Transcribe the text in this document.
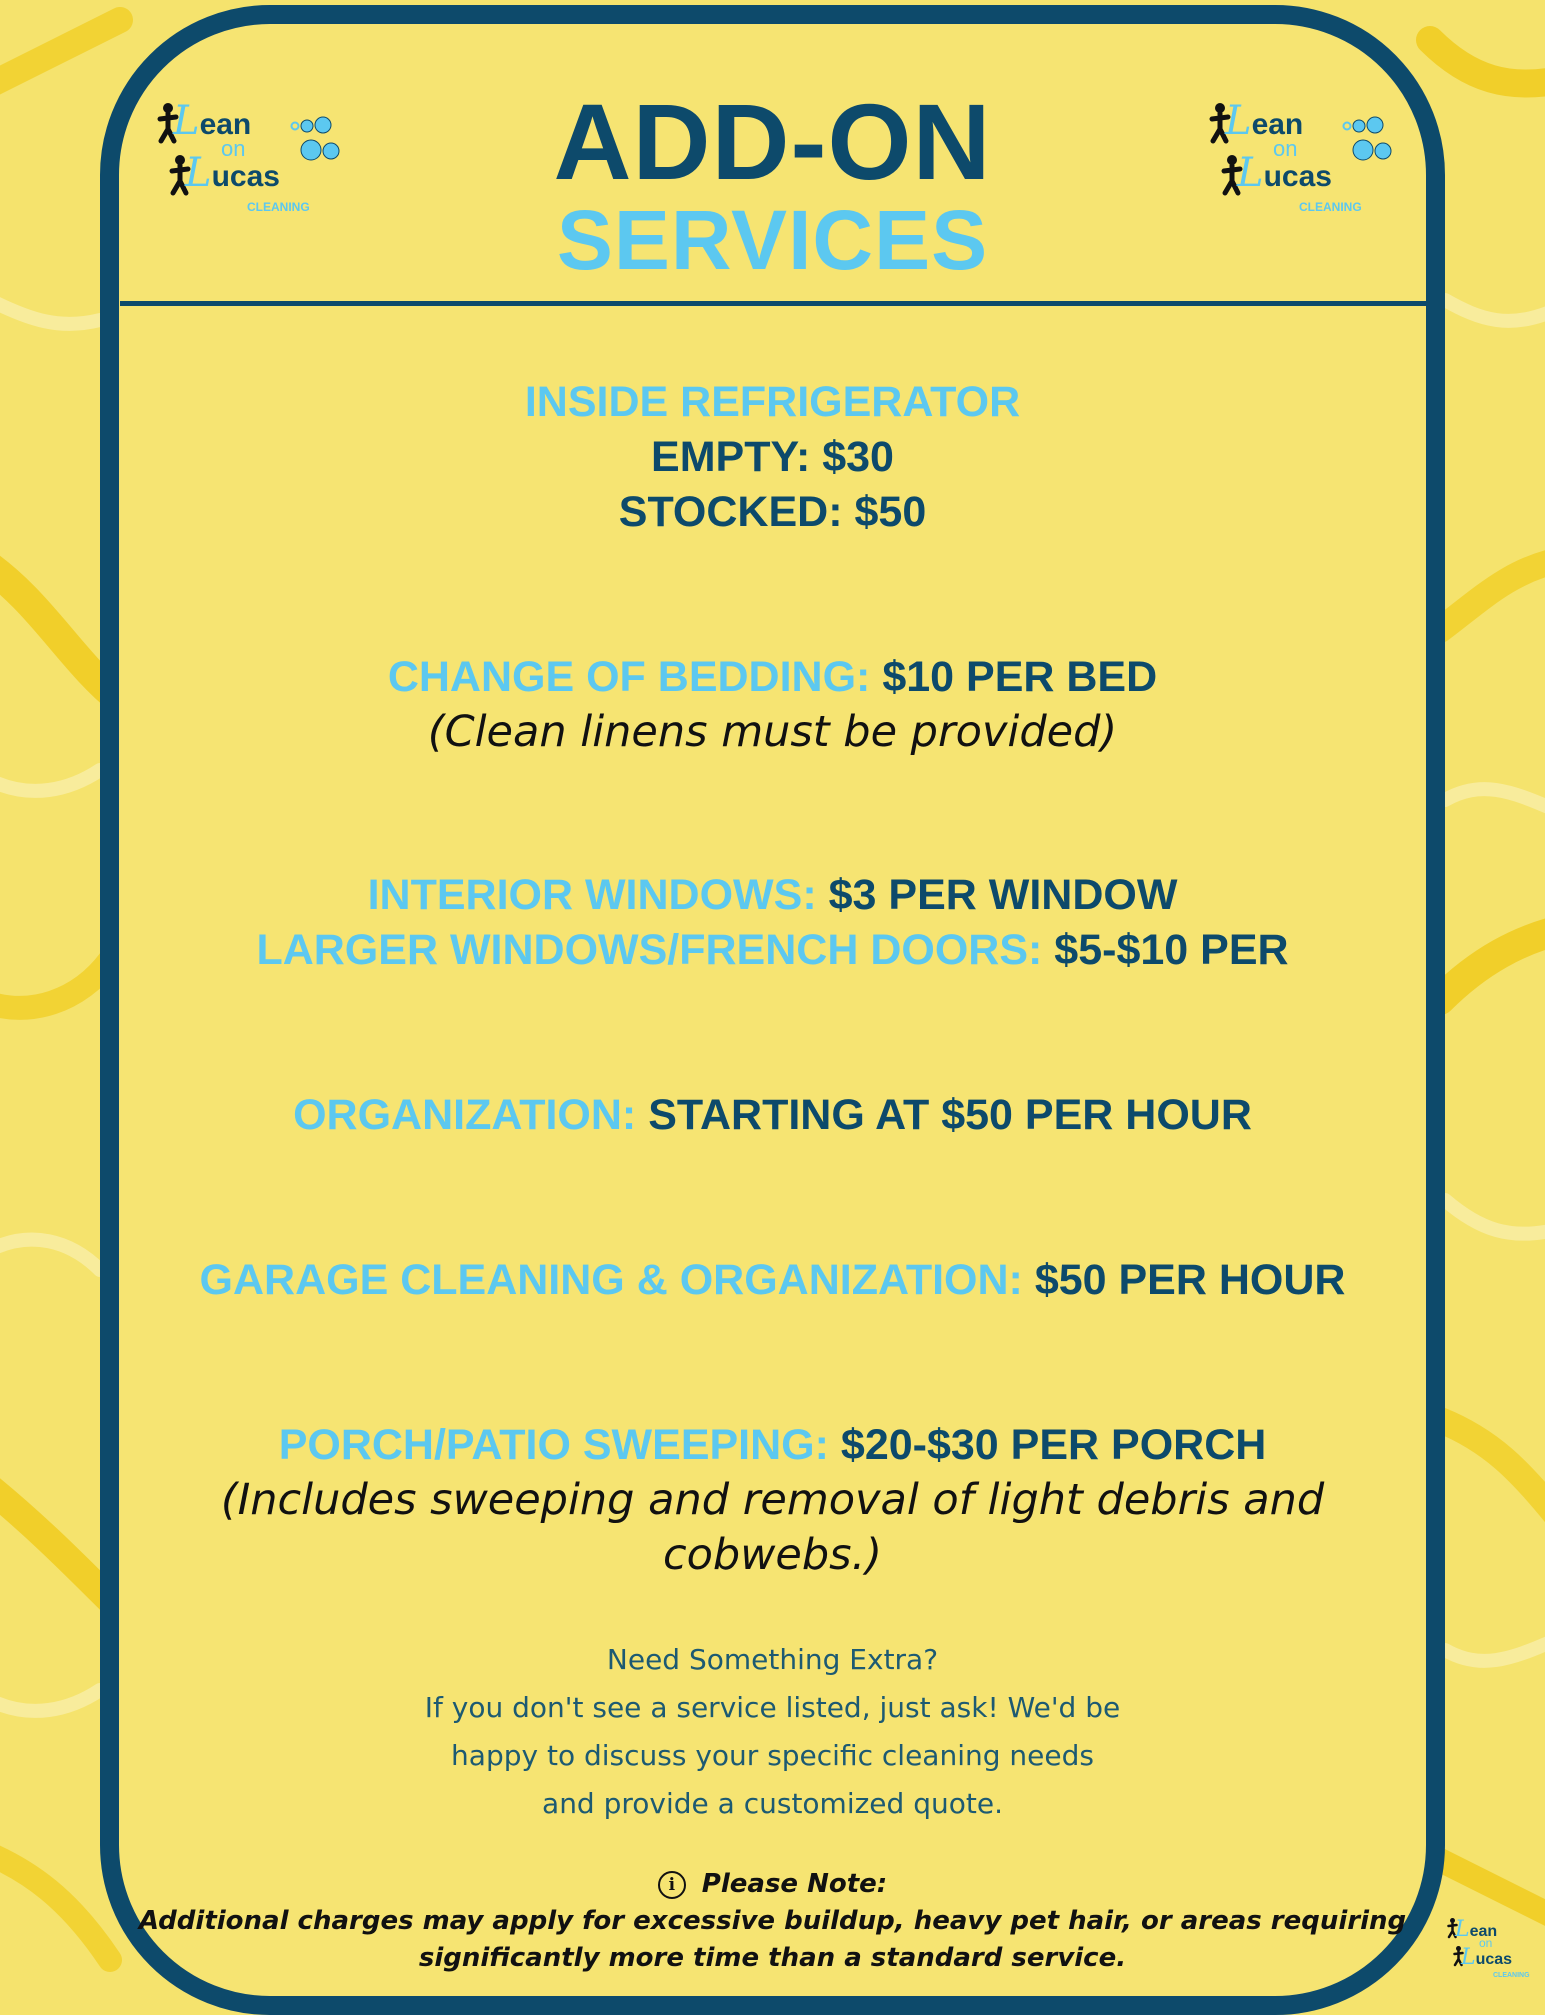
Lean
on
Lucas
CLEANING
Lean
on
Lucas
CLEANING
Lean
on
Lucas
CLEANING
ADD-ON
SERVICES
INSIDE REFRIGERATOR
EMPTY: $30
STOCKED: $50
CHANGE OF BEDDING: $10 PER BED
(Clean linens must be provided)
INTERIOR WINDOWS: $3 PER WINDOW
LARGER WINDOWS/FRENCH DOORS: $5-$10 PER
ORGANIZATION: STARTING AT $50 PER HOUR
GARAGE CLEANING & ORGANIZATION: $50 PER HOUR
PORCH/PATIO SWEEPING: $20-$30 PER PORCH
(Includes sweeping and removal of light debris and
cobwebs.)
Need Something Extra?
If you don't see a service listed, just ask! We'd be
happy to discuss your specific cleaning needs
and provide a customized quote.
i Please Note:
Additional charges may apply for excessive buildup, heavy pet hair, or areas requiring
significantly more time than a standard service.
